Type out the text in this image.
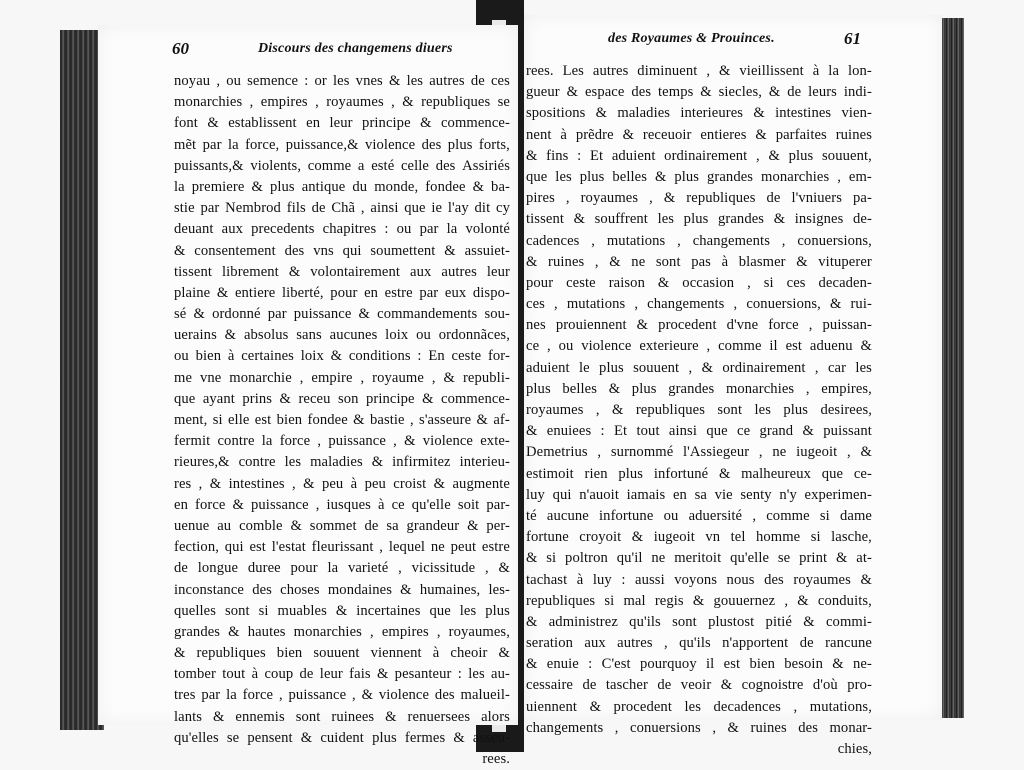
60	Discours des changemens diuers
noyau , ou semence : or les vnes & les autres de ces
monarchies , empires , royaumes , & republiques se
font & establissent en leur principe & commence-
mẽt par la force, puissance,& violence des plus forts,
puissants,& violents, comme a esté celle des Assiriés
la premiere & plus antique du monde, fondee & ba-
stie par Nembrod fils de Chã , ainsi que ie l'ay dit cy
deuant aux precedents chapitres : ou par la volonté
& consentement des vns qui soumettent & assuiet-
tissent librement & volontairement aux autres leur
plaine & entiere liberté, pour en estre par eux dispo-
sé & ordonné par puissance & commandements sou-
uerains & absolus sans aucunes loix ou ordonnãces,
ou bien à certaines loix & conditions : En ceste for-
me vne monarchie , empire , royaume , & republi-
que ayant prins & receu son principe & commence-
ment, si elle est bien fondee & bastie , s'asseure & af-
fermit contre la force , puissance , & violence exte-
rieures,& contre les maladies & infirmitez interieu-
res , & intestines , & peu à peu croist & augmente
en force & puissance , iusques à ce qu'elle soit par-
uenue au comble & sommet de sa grandeur & per-
fection, qui est l'estat fleurissant , lequel ne peut estre
de longue duree pour la varieté , vicissitude , &
inconstance des choses mondaines & humaines, les-
quelles sont si muables & incertaines que les plus
grandes & hautes monarchies , empires , royaumes,
& republiques bien souuent viennent à cheoir &
tomber tout à coup de leur fais & pesanteur : les au-
tres par la force , puissance , & violence des malueil-
lants & ennemis sont ruinees & renuersees alors
qu'elles se pensent & cuident plus fermes & asseu-
rees.
des Royaumes & Prouinces.	61
rees. Les autres diminuent , & vieillissent à la lon-
gueur & espace des temps & siecles, & de leurs indi-
spositions & maladies interieures & intestines vien-
nent à prẽdre & receuoir entieres & parfaites ruines
& fins : Et aduient ordinairement , & plus souuent,
que les plus belles & plus grandes monarchies , em-
pires , royaumes , & republiques de l'vniuers pa-
tissent & souffrent les plus grandes & insignes de-
cadences , mutations , changements , conuersions,
& ruines , & ne sont pas à blasmer & vituperer
pour ceste raison & occasion , si ces decaden-
ces , mutations , changements , conuersions, & rui-
nes prouiennent & procedent d'vne force , puissan-
ce , ou violence exterieure , comme il est aduenu &
aduient le plus souuent , & ordinairement , car les
plus belles & plus grandes monarchies , empires,
royaumes , & republiques sont les plus desirees,
& enuiees : Et tout ainsi que ce grand & puissant
Demetrius , surnommé l'Assiegeur , ne iugeoit , &
estimoit rien plus infortuné & malheureux que ce-
luy qui n'auoit iamais en sa vie senty n'y experimen-
té aucune infortune ou aduersité , comme si dame
fortune croyoit & iugeoit vn tel homme si lasche,
& si poltron qu'il ne meritoit qu'elle se print & at-
tachast à luy : aussi voyons nous des royaumes &
republiques si mal regis & gouuernez , & conduits,
& administrez qu'ils sont plustost pitié & commi-
seration aux autres , qu'ils n'apportent de rancune
& enuie : C'est pourquoy il est bien besoin & ne-
cessaire de tascher de veoir & cognoistre d'où pro-
uiennent & procedent les decadences , mutations,
changements , conuersions , & ruines des monar-
chies,
